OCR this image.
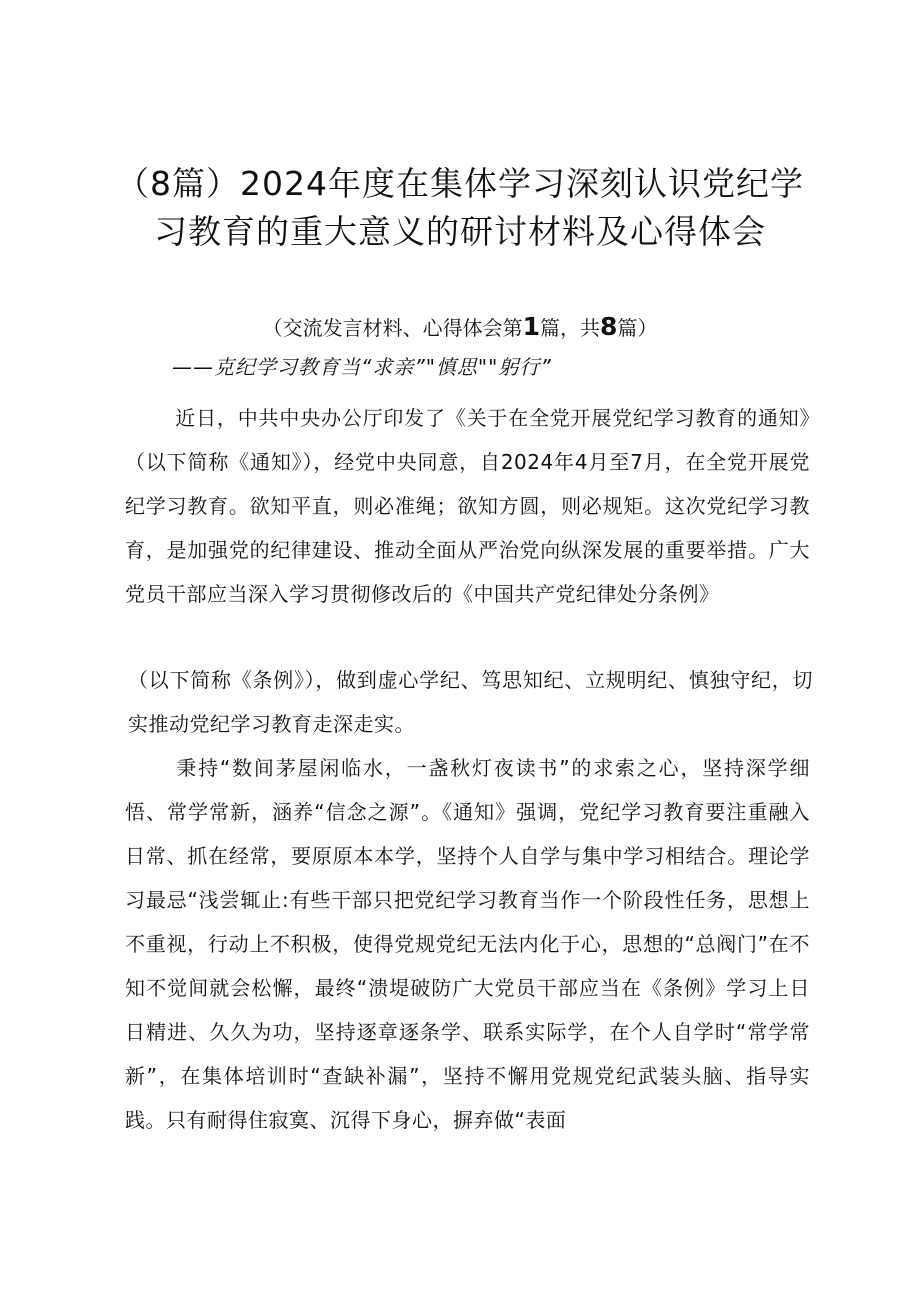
（8篇）2024年度在集体学习深刻认识党纪学习教育的重大意义的研讨材料及心得体会
（交流发言材料、心得体会第1篇，共8篇）
——克纪学习教育当“求亲”"慎思""躬行”

近日，中共中央办公厅印发了《关于在全党开展党纪学习教育的通知》（以下简称《通知》），经党中央同意，自2024年4月至7月，在全党开展党纪学习教育。欲知平直，则必准绳；欲知方圆，则必规矩。这次党纪学习教育，是加强党的纪律建设、推动全面从严治党向纵深发展的重要举措。广大党员干部应当深入学习贯彻修改后的《中国共产党纪律处分条例》

（以下简称《条例》），做到虚心学纪、笃思知纪、立规明纪、慎独守纪，切实推动党纪学习教育走深走实。

秉持“数间茅屋闲临水，一盏秋灯夜读书”的求索之心，坚持深学细悟、常学常新，涵养“信念之源”。《通知》强调，党纪学习教育要注重融入日常、抓在经常，要原原本本学，坚持个人自学与集中学习相结合。理论学习最忌“浅尝辄止:有些干部只把党纪学习教育当作一个阶段性任务，思想上不重视，行动上不积极，使得党规党纪无法内化于心，思想的“总阀门”在不知不觉间就会松懈，最终“溃堤破防广大党员干部应当在《条例》学习上日日精进、久久为功，坚持逐章逐条学、联系实际学，在个人自学时“常学常新”，在集体培训时“查缺补漏”，坚持不懈用党规党纪武装头脑、指导实践。只有耐得住寂寞、沉得下身心，摒弃做“表面
